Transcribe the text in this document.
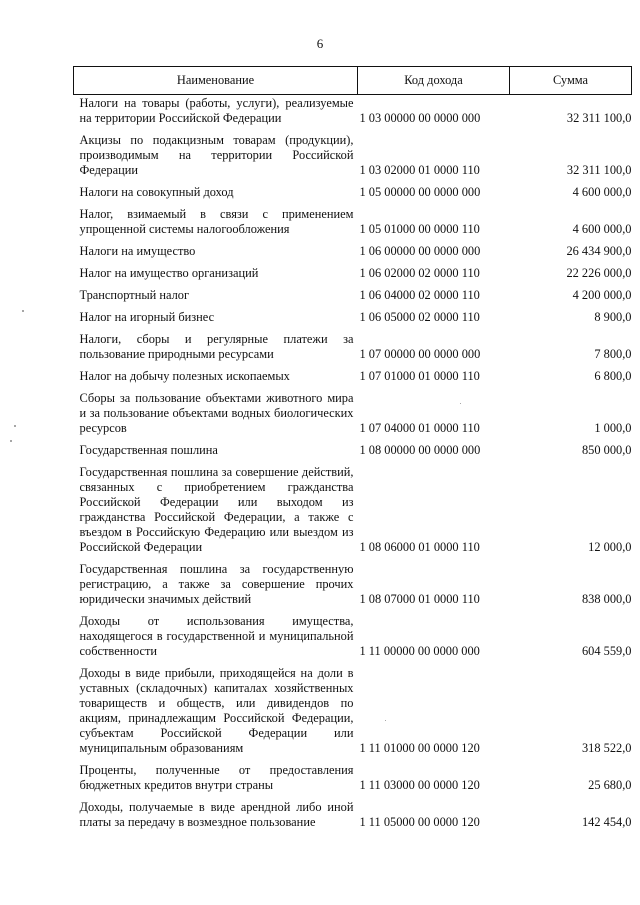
6
Наименование	Код дохода	Сумма
Налоги на товары (работы, услуги), реализуемые на территории Российской Федерации	1 03 00000 00 0000 000	32 311 100,0
Акцизы по подакцизным товарам (продукции), производимым на территории Российской Федерации	1 03 02000 01 0000 110	32 311 100,0
Налоги на совокупный доход	1 05 00000 00 0000 000	4 600 000,0
Налог, взимаемый в связи с применением упрощенной системы налогообложения	1 05 01000 00 0000 110	4 600 000,0
Налоги на имущество	1 06 00000 00 0000 000	26 434 900,0
Налог на имущество организаций	1 06 02000 02 0000 110	22 226 000,0
Транспортный налог	1 06 04000 02 0000 110	4 200 000,0
Налог на игорный бизнес	1 06 05000 02 0000 110	8 900,0
Налоги, сборы и регулярные платежи за пользование природными ресурсами	1 07 00000 00 0000 000	7 800,0
Налог на добычу полезных ископаемых	1 07 01000 01 0000 110	6 800,0
Сборы за пользование объектами животного мира и за пользование объектами водных биологических ресурсов	1 07 04000 01 0000 110	1 000,0
Государственная пошлина	1 08 00000 00 0000 000	850 000,0
Государственная пошлина за совершение действий, связанных с приобретением гражданства Российской Федерации или выходом из гражданства Российской Федерации, а также с въездом в Российскую Федерацию или выездом из Российской Федерации	1 08 06000 01 0000 110	12 000,0
Государственная пошлина за государственную регистрацию, а также за совершение прочих юридически значимых действий	1 08 07000 01 0000 110	838 000,0
Доходы от использования имущества, находящегося в государственной и муниципальной собственности	1 11 00000 00 0000 000	604 559,0
Доходы в виде прибыли, приходящейся на доли в уставных (складочных) капиталах хозяйственных товариществ и обществ, или дивидендов по акциям, принадлежащим Российской Федерации, субъектам Российской Федерации или муниципальным образованиям	1 11 01000 00 0000 120	318 522,0
Проценты, полученные от предоставления бюджетных кредитов внутри страны	1 11 03000 00 0000 120	25 680,0
Доходы, получаемые в виде арендной либо иной платы за передачу в возмездное пользование	1 11 05000 00 0000 120	142 454,0
